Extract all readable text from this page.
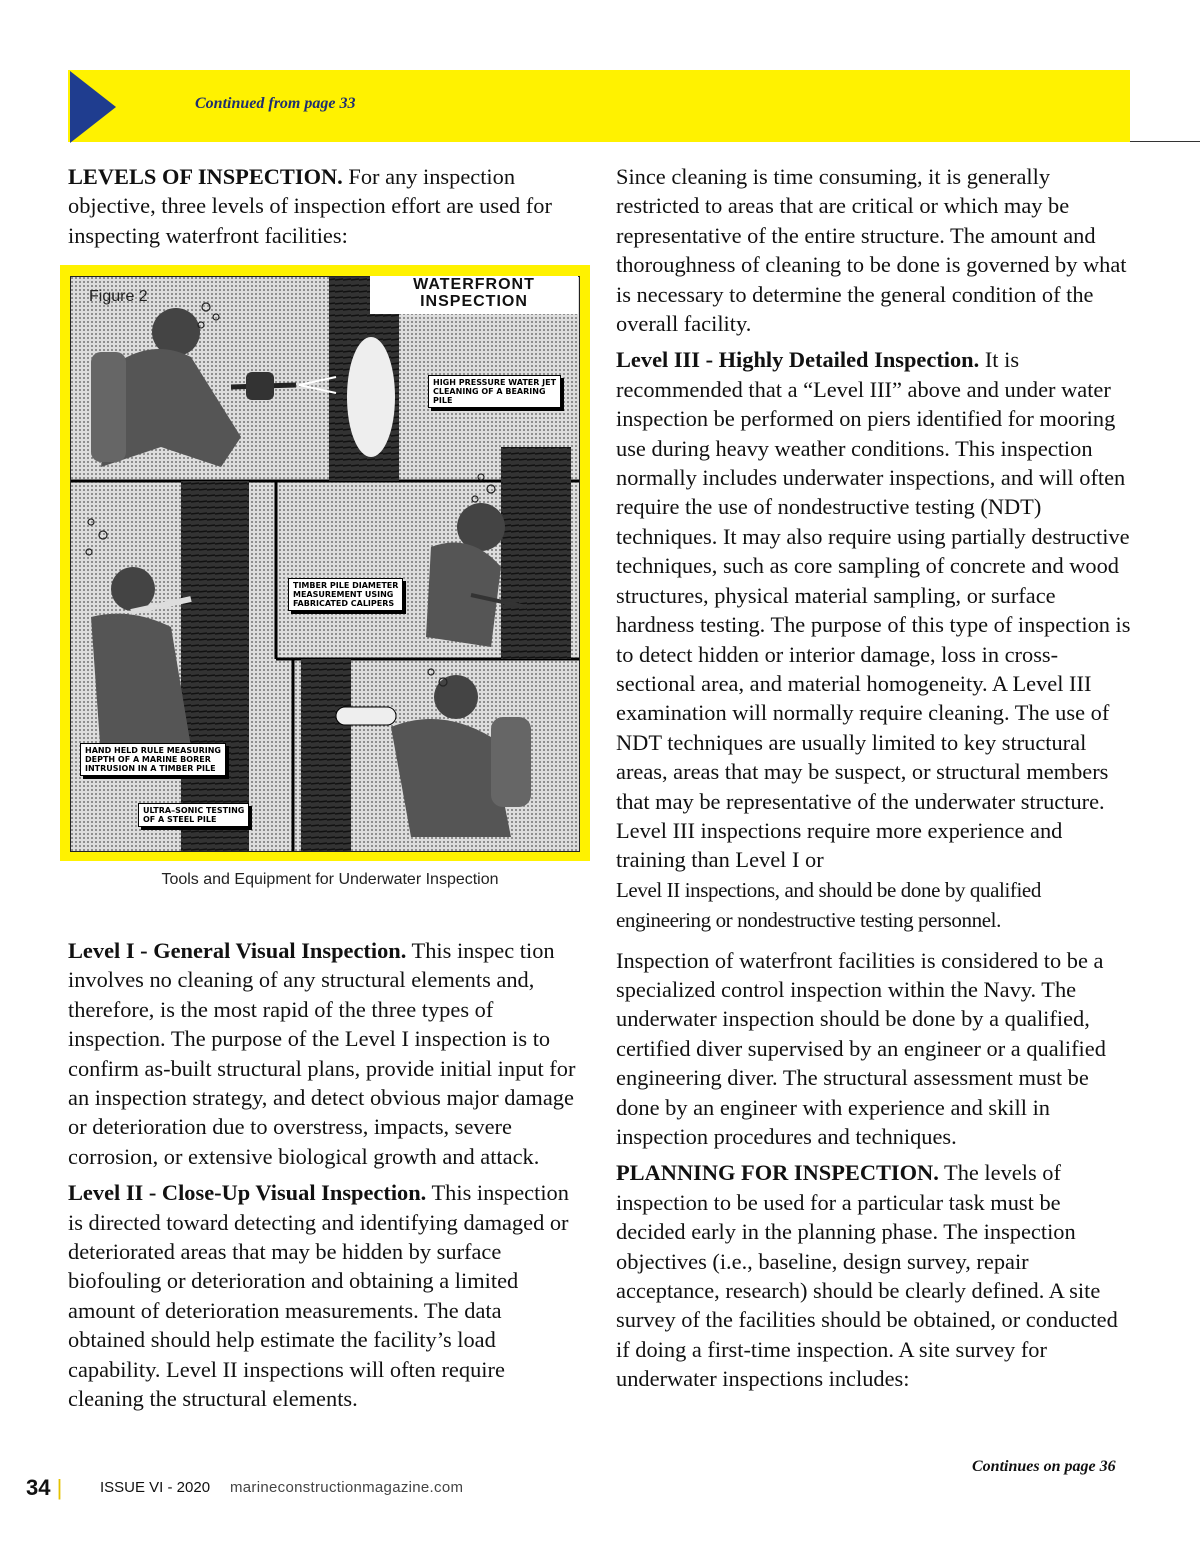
Continued from page 33

LEVELS OF INSPECTION. For any inspection objective, three levels of inspection effort are used for inspecting waterfront facilities:

Figure 2
WATERFRONT
INSPECTION
HIGH PRESSURE WATER JET
CLEANING OF A BEARING
PILE
TIMBER PILE DIAMETER
MEASUREMENT USING
FABRICATED CALIPERS
HAND HELD RULE MEASURING
DEPTH OF A MARINE BORER
INTRUSION IN A TIMBER PILE
ULTRA–SONIC TESTING
OF A STEEL PILE
Tools and Equipment for Underwater Inspection

Level I - General Visual Inspection. This inspec tion involves no cleaning of any structural elements and, therefore, is the most rapid of the three types of inspection. The purpose of the Level I inspection is to confirm as-built structural plans, provide initial input for an inspection strategy, and detect obvious major damage or deterioration due to overstress, impacts, severe corrosion, or extensive biological growth and attack.

Level II - Close-Up Visual Inspection. This inspection is directed toward detecting and identifying damaged or deteriorated areas that may be hidden by surface biofouling or deterioration and obtaining a limited amount of deterioration measurements. The data obtained should help estimate the facility’s load capability. Level II inspections will often require cleaning the structural elements.

Since cleaning is time consuming, it is generally restricted to areas that are critical or which may be representative of the entire structure. The amount and thoroughness of cleaning to be done is governed by what is necessary to determine the general condition of the overall facility.

Level III - Highly Detailed Inspection. It is recommended that a “Level III” above and under water inspection be performed on piers identified for mooring use during heavy weather conditions. This inspection normally includes underwater inspections, and will often require the use of nondestructive testing (NDT) techniques. It may also require using partially destructive techniques, such as core sampling of concrete and wood structures, physical material sampling, or surface hardness testing. The purpose of this type of inspection is to detect hidden or interior damage, loss in cross-sectional area, and material homogeneity. A Level III examination will normally require cleaning. The use of NDT techniques are usually limited to key structural areas, areas that may be suspect, or structural members that may be representative of the underwater structure. Level III inspections require more experience and training than Level I or
Level II inspections, and should be done by qualified engineering or nondestructive testing personnel.

Inspection of waterfront facilities is considered to be a specialized control inspection within the Navy. The underwater inspection should be done by a qualified, certified diver supervised by an engineer or a qualified engineering diver. The structural assessment must be done by an engineer with experience and skill in inspection procedures and techniques.

PLANNING FOR INSPECTION. The levels of inspection to be used for a particular task must be decided early in the planning phase. The inspection objectives (i.e., baseline, design survey, repair acceptance, research) should be clearly defined. A site survey of the facilities should be obtained, or conducted if doing a first-time inspection. A site survey for underwater inspections includes:

Continues on page 36
34 |	ISSUE VI - 2020 marineconstructionmagazine.com
